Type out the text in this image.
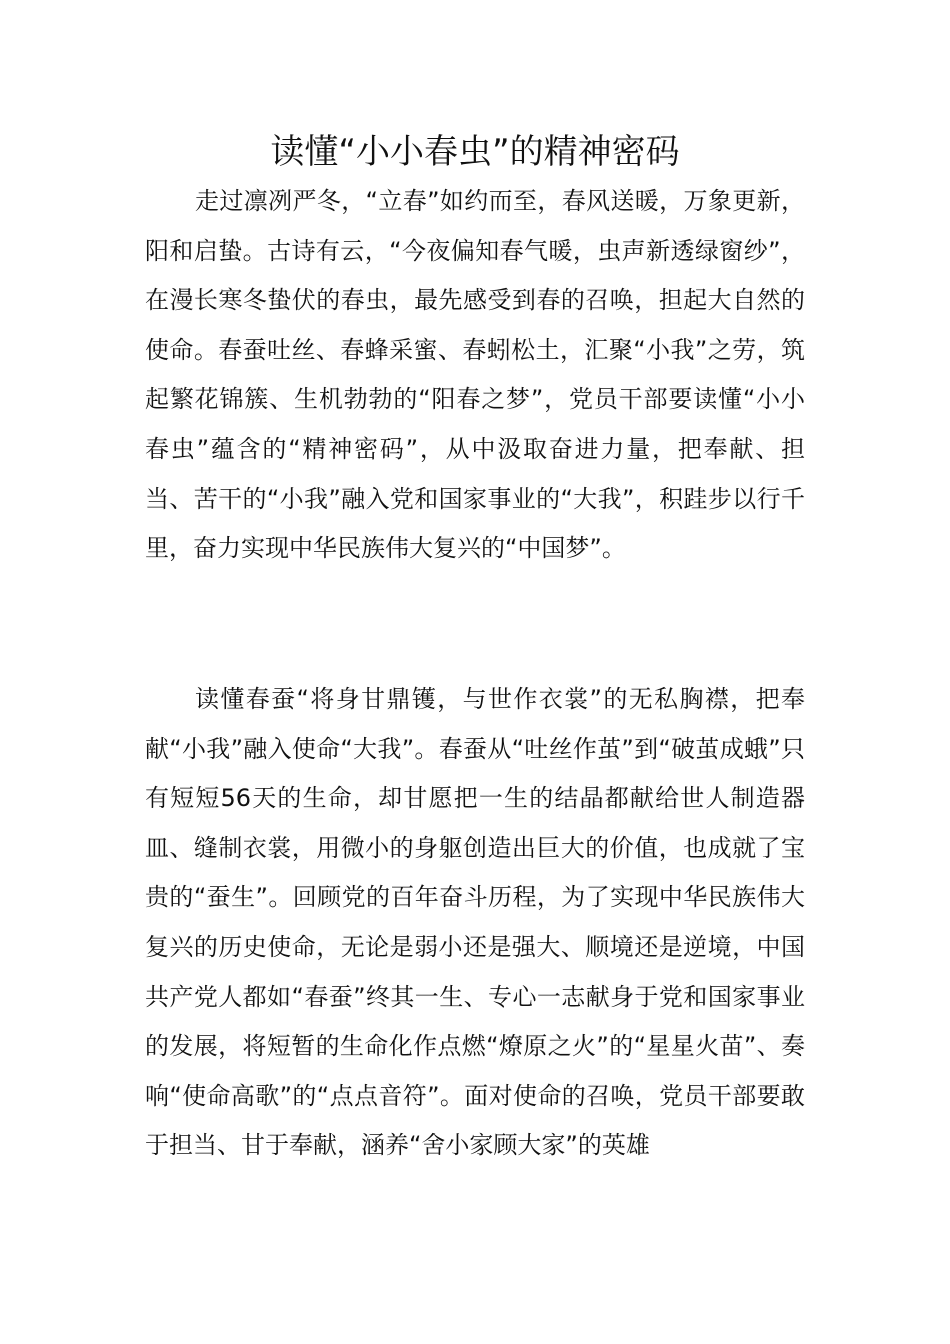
读懂“小小春虫”的精神密码

走过凛冽严冬，“立春”如约而至，春风送暖，万象更新，阳和启蛰。古诗有云，“今夜偏知春气暖，虫声新透绿窗纱”，在漫长寒冬蛰伏的春虫，最先感受到春的召唤，担起大自然的使命。春蚕吐丝、春蜂采蜜、春蚓松土，汇聚“小我”之劳，筑起繁花锦簇、生机勃勃的“阳春之梦”，党员干部要读懂“小小春虫”蕴含的“精神密码”，从中汲取奋进力量，把奉献、担当、苦干的“小我”融入党和国家事业的“大我”，积跬步以行千里，奋力实现中华民族伟大复兴的“中国梦”。

读懂春蚕“将身甘鼎镬，与世作衣裳”的无私胸襟，把奉献“小我”融入使命“大我”。春蚕从“吐丝作茧”到“破茧成蛾”只有短短56天的生命，却甘愿把一生的结晶都献给世人制造器皿、缝制衣裳，用微小的身躯创造出巨大的价值，也成就了宝贵的“蚕生”。回顾党的百年奋斗历程，为了实现中华民族伟大复兴的历史使命，无论是弱小还是强大、顺境还是逆境，中国共产党人都如“春蚕”终其一生、专心一志献身于党和国家事业的发展，将短暂的生命化作点燃“燎原之火”的“星星火苗”、奏响“使命高歌”的“点点音符”。面对使命的召唤，党员干部要敢于担当、甘于奉献，涵养“舍小家顾大家”的英雄
